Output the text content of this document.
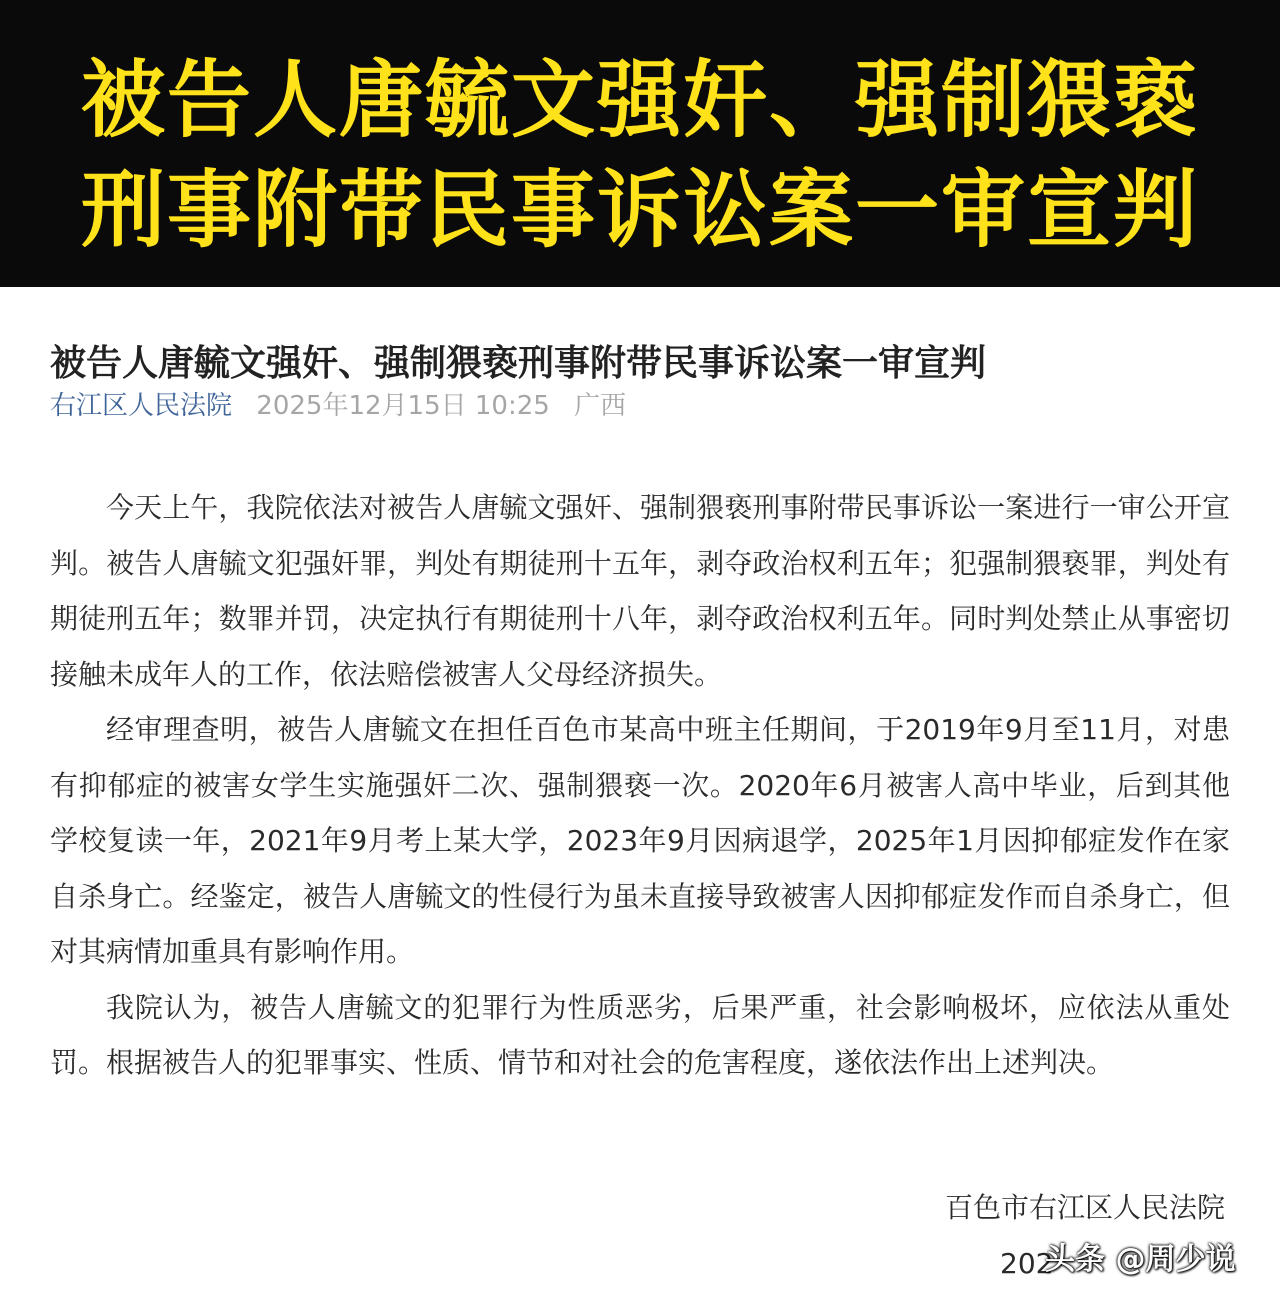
被告人唐毓文强奸、强制猥亵
刑事附带民事诉讼案一审宣判
被告人唐毓文强奸、强制猥亵刑事附带民事诉讼案一审宣判
右江区人民法院 2025年12月15日 10:25 广西

今天上午，我院依法对被告人唐毓文强奸、强制猥亵刑事附带民事诉讼一案进行一审公开宣判。被告人唐毓文犯强奸罪，判处有期徒刑十五年，剥夺政治权利五年；犯强制猥亵罪，判处有期徒刑五年；数罪并罚，决定执行有期徒刑十八年，剥夺政治权利五年。同时判处禁止从事密切接触未成年人的工作，依法赔偿被害人父母经济损失。

经审理查明，被告人唐毓文在担任百色市某高中班主任期间，于2019年9月至11月，对患有抑郁症的被害女学生实施强奸二次、强制猥亵一次。2020年6月被害人高中毕业，后到其他学校复读一年，2021年9月考上某大学，2023年9月因病退学，2025年1月因抑郁症发作在家自杀身亡。经鉴定，被告人唐毓文的性侵行为虽未直接导致被害人因抑郁症发作而自杀身亡，但对其病情加重具有影响作用。

我院认为，被告人唐毓文的犯罪行为性质恶劣，后果严重，社会影响极坏，应依法从重处罚。根据被告人的犯罪事实、性质、情节和对社会的危害程度，遂依法作出上述判决。

百色市右江区人民法院
202
头条 @周少说
